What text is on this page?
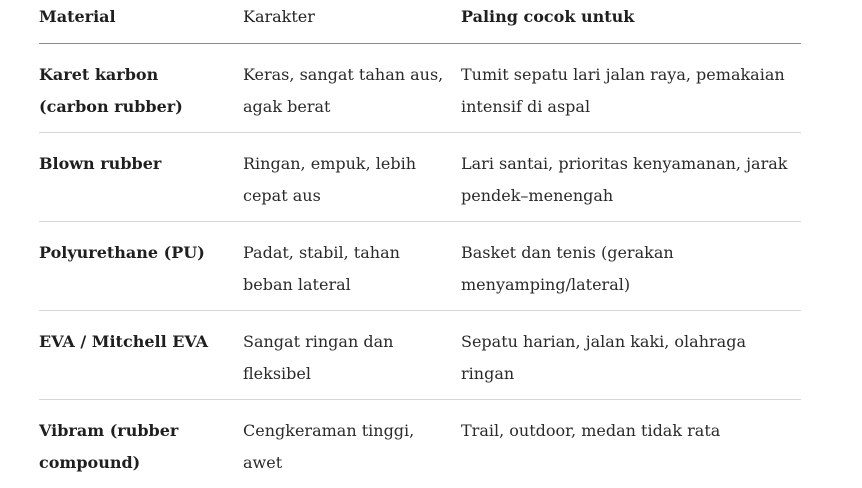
Material	Karakter	Paling cocok untuk
Karet karbon (carbon rubber)	Keras, sangat tahan aus, agak berat	Tumit sepatu lari jalan raya, pemakaian intensif di aspal
Blown rubber	Ringan, empuk, lebih cepat aus	Lari santai, prioritas kenyamanan, jarak pendek–menengah
Polyurethane (PU)	Padat, stabil, tahan beban lateral	Basket dan tenis (gerakan menyamping/lateral)
EVA / Mitchell EVA	Sangat ringan dan fleksibel	Sepatu harian, jalan kaki, olahraga ringan
Vibram (rubber compound)	Cengkeraman tinggi, awet	Trail, outdoor, medan tidak rata
